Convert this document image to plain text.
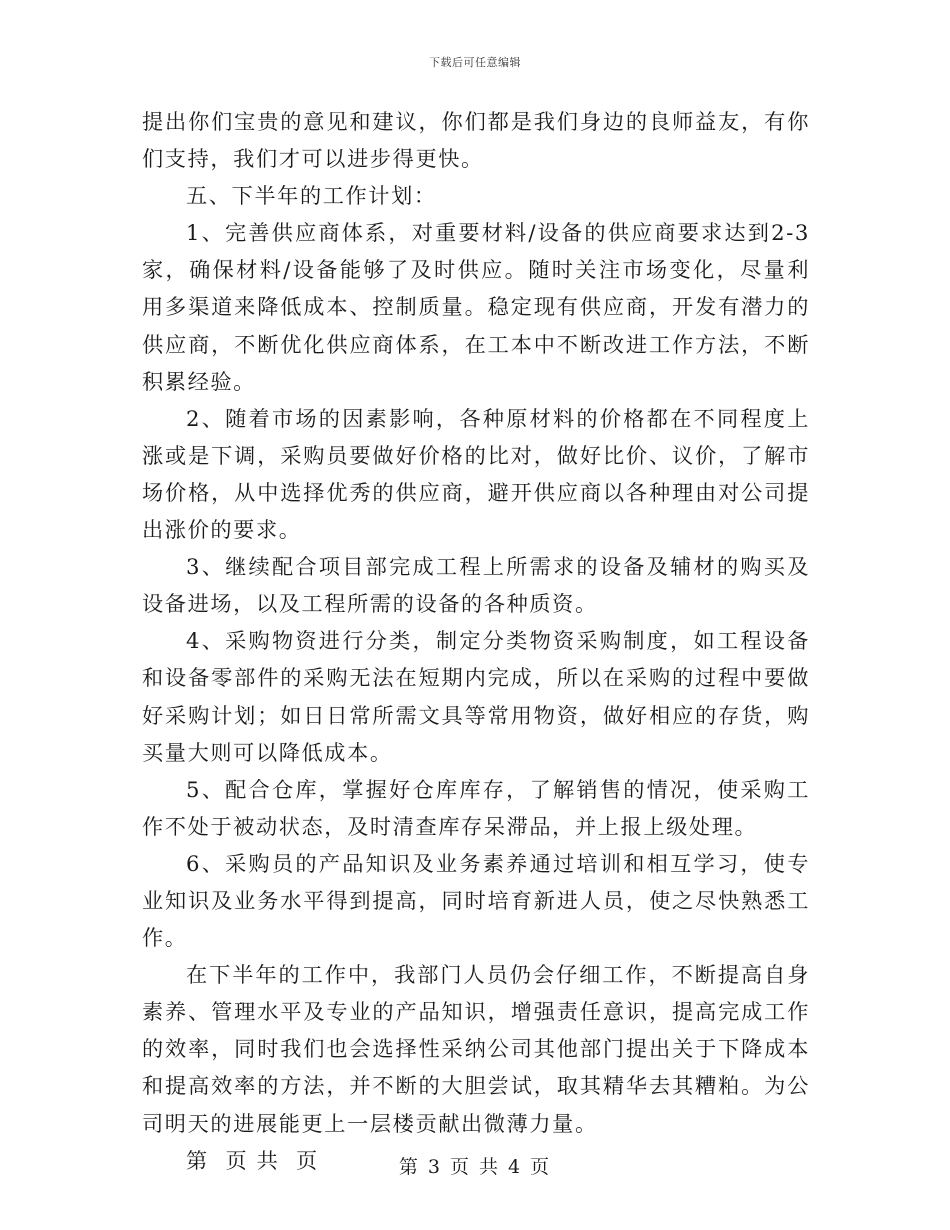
下载后可任意编辑

提出你们宝贵的意见和建议，你们都是我们身边的良师益友，有你们支持，我们才可以进步得更快。

五、下半年的工作计划：

1、完善供应商体系，对重要材料/设备的供应商要求达到2-3家，确保材料/设备能够了及时供应。随时关注市场变化，尽量利用多渠道来降低成本、控制质量。稳定现有供应商，开发有潜力的供应商，不断优化供应商体系，在工本中不断改进工作方法，不断积累经验。

2、随着市场的因素影响，各种原材料的价格都在不同程度上涨或是下调，采购员要做好价格的比对，做好比价、议价，了解市场价格，从中选择优秀的供应商，避开供应商以各种理由对公司提出涨价的要求。

3、继续配合项目部完成工程上所需求的设备及辅材的购买及设备进场，以及工程所需的设备的各种质资。

4、采购物资进行分类，制定分类物资采购制度，如工程设备和设备零部件的采购无法在短期内完成，所以在采购的过程中要做好采购计划；如日日常所需文具等常用物资，做好相应的存货，购买量大则可以降低成本。

5、配合仓库，掌握好仓库库存，了解销售的情况，使采购工作不处于被动状态，及时清查库存呆滞品，并上报上级处理。

6、采购员的产品知识及业务素养通过培训和相互学习，使专业知识及业务水平得到提高，同时培育新进人员，使之尽快熟悉工作。

在下半年的工作中，我部门人员仍会仔细工作，不断提高自身素养、管理水平及专业的产品知识，增强责任意识，提高完成工作的效率，同时我们也会选择性采纳公司其他部门提出关于下降成本和提高效率的方法，并不断的大胆尝试，取其精华去其糟粕。为公司明天的进展能更上一层楼贡献出微薄力量。

第  页 共  页	第 3 页 共 4 页
